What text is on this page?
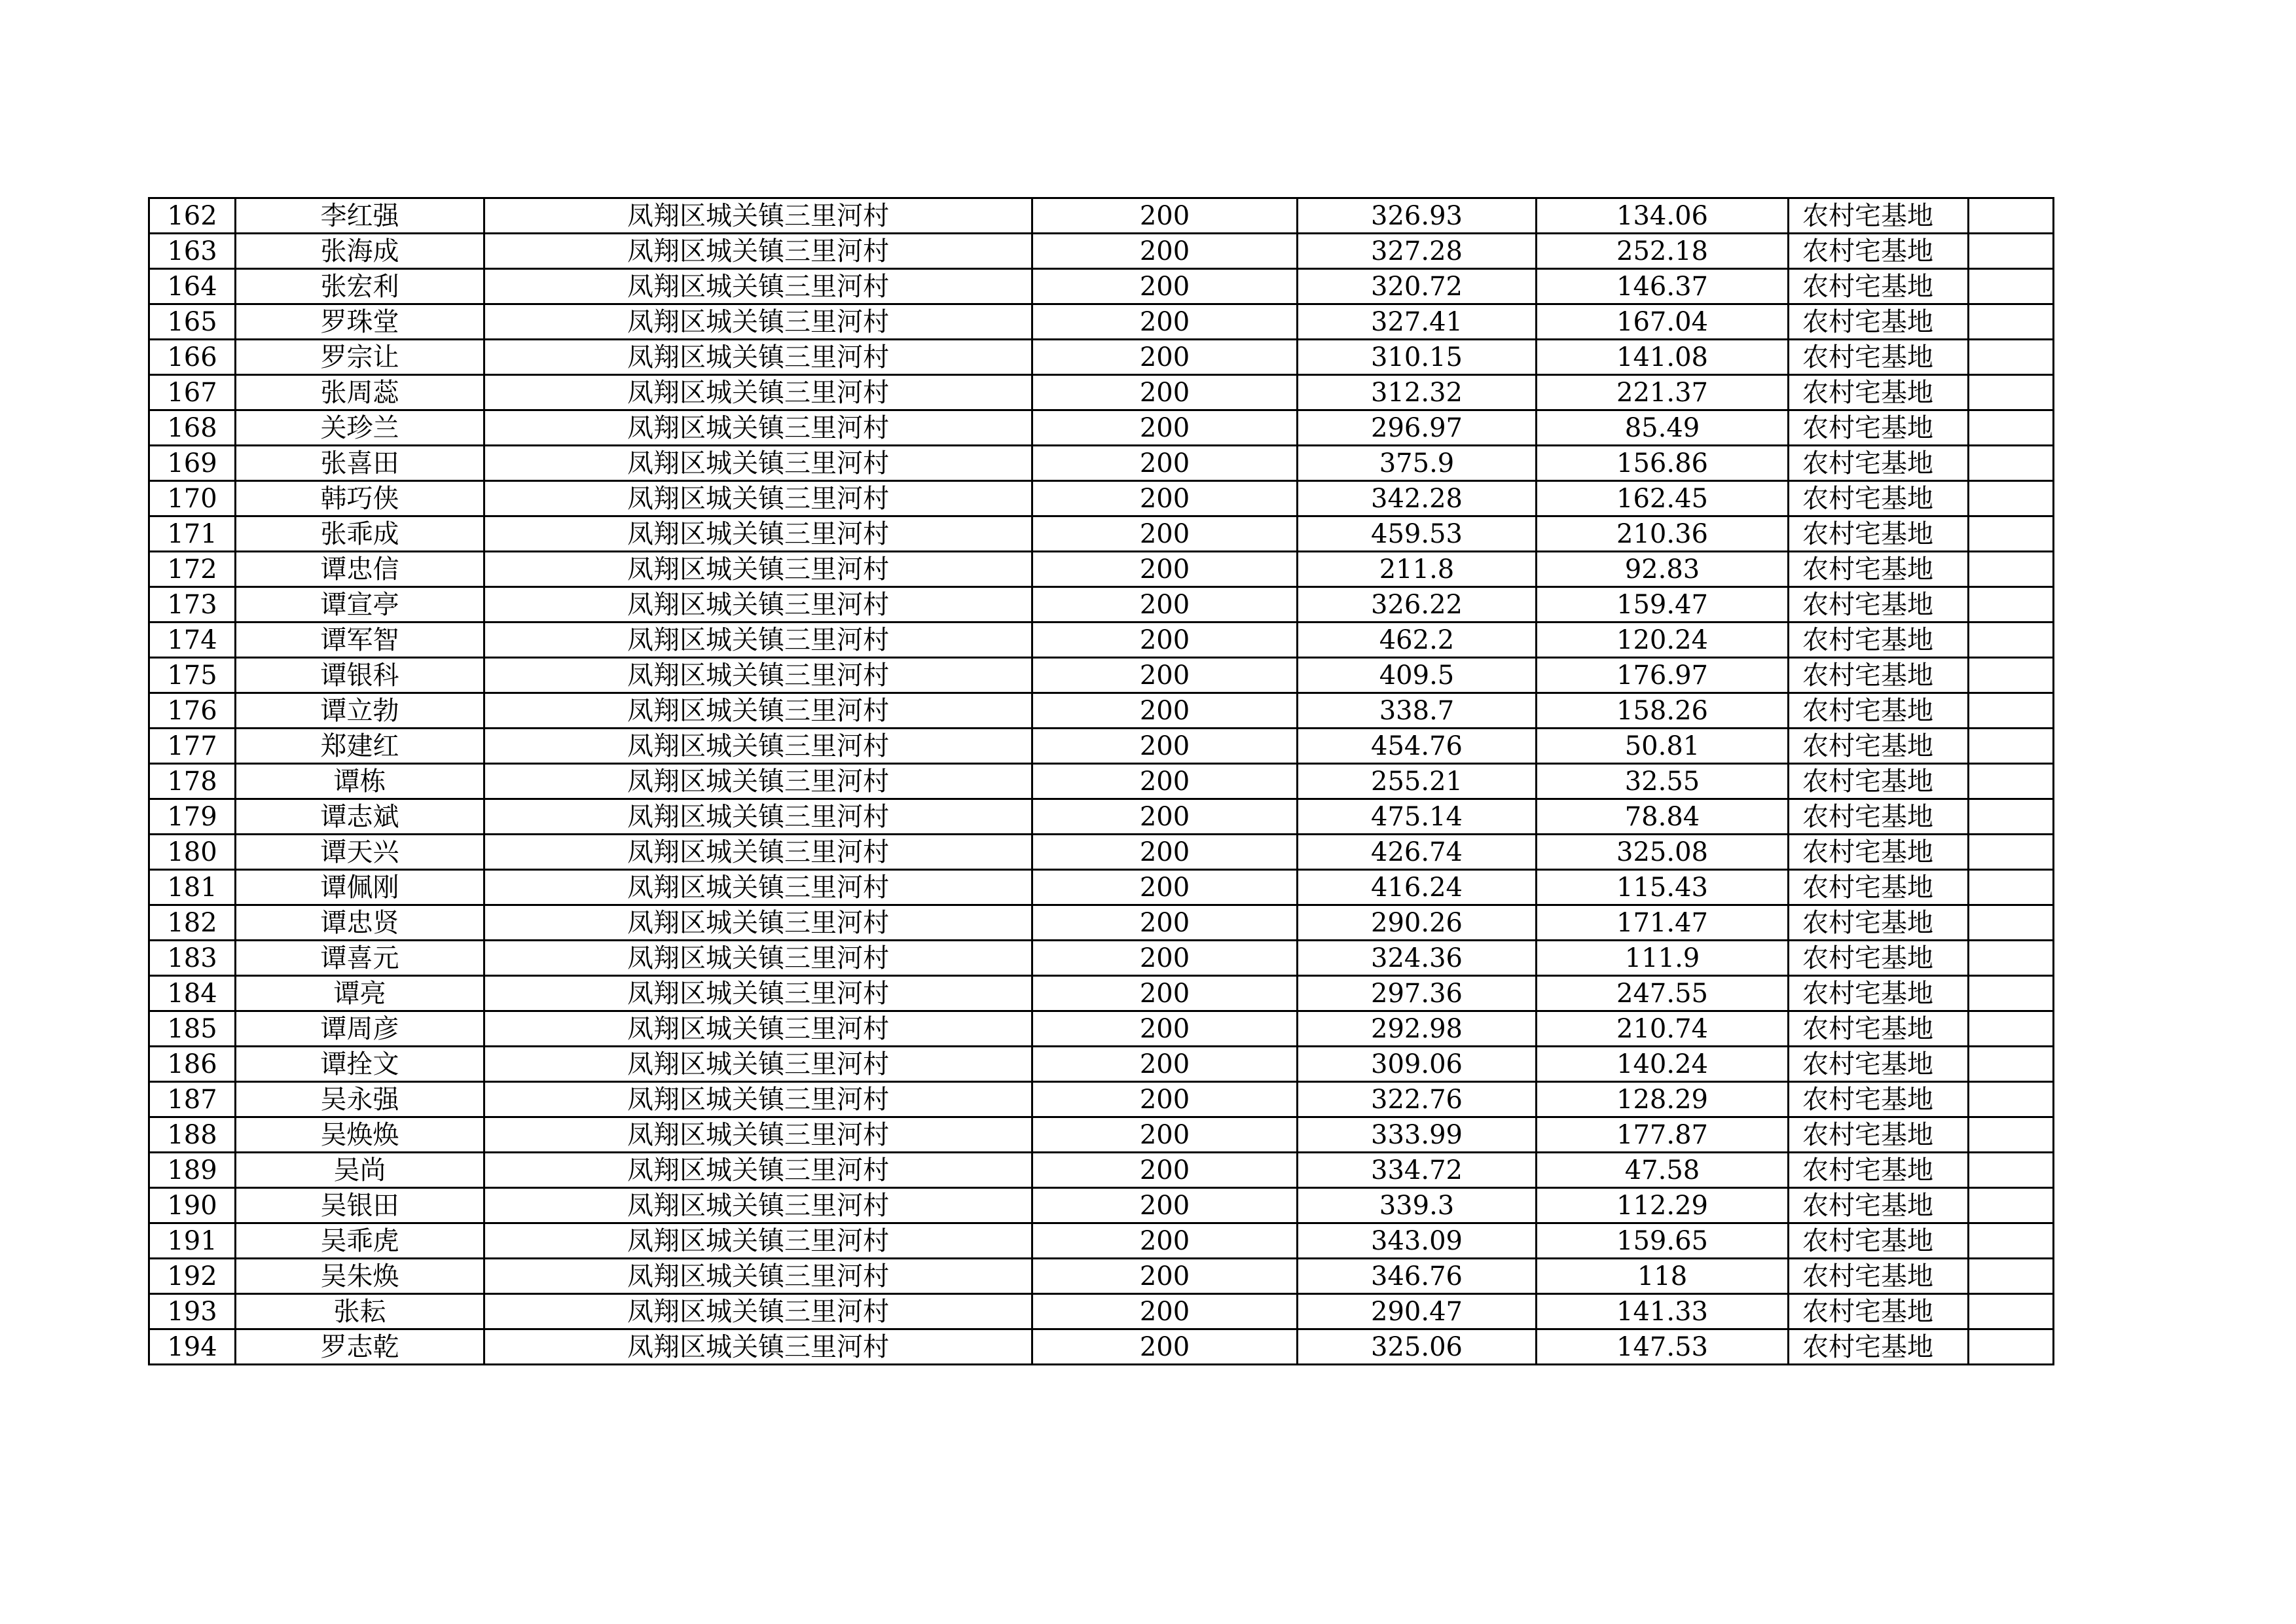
162	李红强	凤翔区城关镇三里河村	200	326.93	134.06	农村宅基地	
163	张海成	凤翔区城关镇三里河村	200	327.28	252.18	农村宅基地	
164	张宏利	凤翔区城关镇三里河村	200	320.72	146.37	农村宅基地	
165	罗珠堂	凤翔区城关镇三里河村	200	327.41	167.04	农村宅基地	
166	罗宗让	凤翔区城关镇三里河村	200	310.15	141.08	农村宅基地	
167	张周蕊	凤翔区城关镇三里河村	200	312.32	221.37	农村宅基地	
168	关珍兰	凤翔区城关镇三里河村	200	296.97	85.49	农村宅基地	
169	张喜田	凤翔区城关镇三里河村	200	375.9	156.86	农村宅基地	
170	韩巧侠	凤翔区城关镇三里河村	200	342.28	162.45	农村宅基地	
171	张乖成	凤翔区城关镇三里河村	200	459.53	210.36	农村宅基地	
172	谭忠信	凤翔区城关镇三里河村	200	211.8	92.83	农村宅基地	
173	谭宣亭	凤翔区城关镇三里河村	200	326.22	159.47	农村宅基地	
174	谭军智	凤翔区城关镇三里河村	200	462.2	120.24	农村宅基地	
175	谭银科	凤翔区城关镇三里河村	200	409.5	176.97	农村宅基地	
176	谭立勃	凤翔区城关镇三里河村	200	338.7	158.26	农村宅基地	
177	郑建红	凤翔区城关镇三里河村	200	454.76	50.81	农村宅基地	
178	谭栋	凤翔区城关镇三里河村	200	255.21	32.55	农村宅基地	
179	谭志斌	凤翔区城关镇三里河村	200	475.14	78.84	农村宅基地	
180	谭天兴	凤翔区城关镇三里河村	200	426.74	325.08	农村宅基地	
181	谭佩刚	凤翔区城关镇三里河村	200	416.24	115.43	农村宅基地	
182	谭忠贤	凤翔区城关镇三里河村	200	290.26	171.47	农村宅基地	
183	谭喜元	凤翔区城关镇三里河村	200	324.36	111.9	农村宅基地	
184	谭亮	凤翔区城关镇三里河村	200	297.36	247.55	农村宅基地	
185	谭周彦	凤翔区城关镇三里河村	200	292.98	210.74	农村宅基地	
186	谭拴文	凤翔区城关镇三里河村	200	309.06	140.24	农村宅基地	
187	吴永强	凤翔区城关镇三里河村	200	322.76	128.29	农村宅基地	
188	吴焕焕	凤翔区城关镇三里河村	200	333.99	177.87	农村宅基地	
189	吴尚	凤翔区城关镇三里河村	200	334.72	47.58	农村宅基地	
190	吴银田	凤翔区城关镇三里河村	200	339.3	112.29	农村宅基地	
191	吴乖虎	凤翔区城关镇三里河村	200	343.09	159.65	农村宅基地	
192	吴朱焕	凤翔区城关镇三里河村	200	346.76	118	农村宅基地	
193	张耘	凤翔区城关镇三里河村	200	290.47	141.33	农村宅基地	
194	罗志乾	凤翔区城关镇三里河村	200	325.06	147.53	农村宅基地	
